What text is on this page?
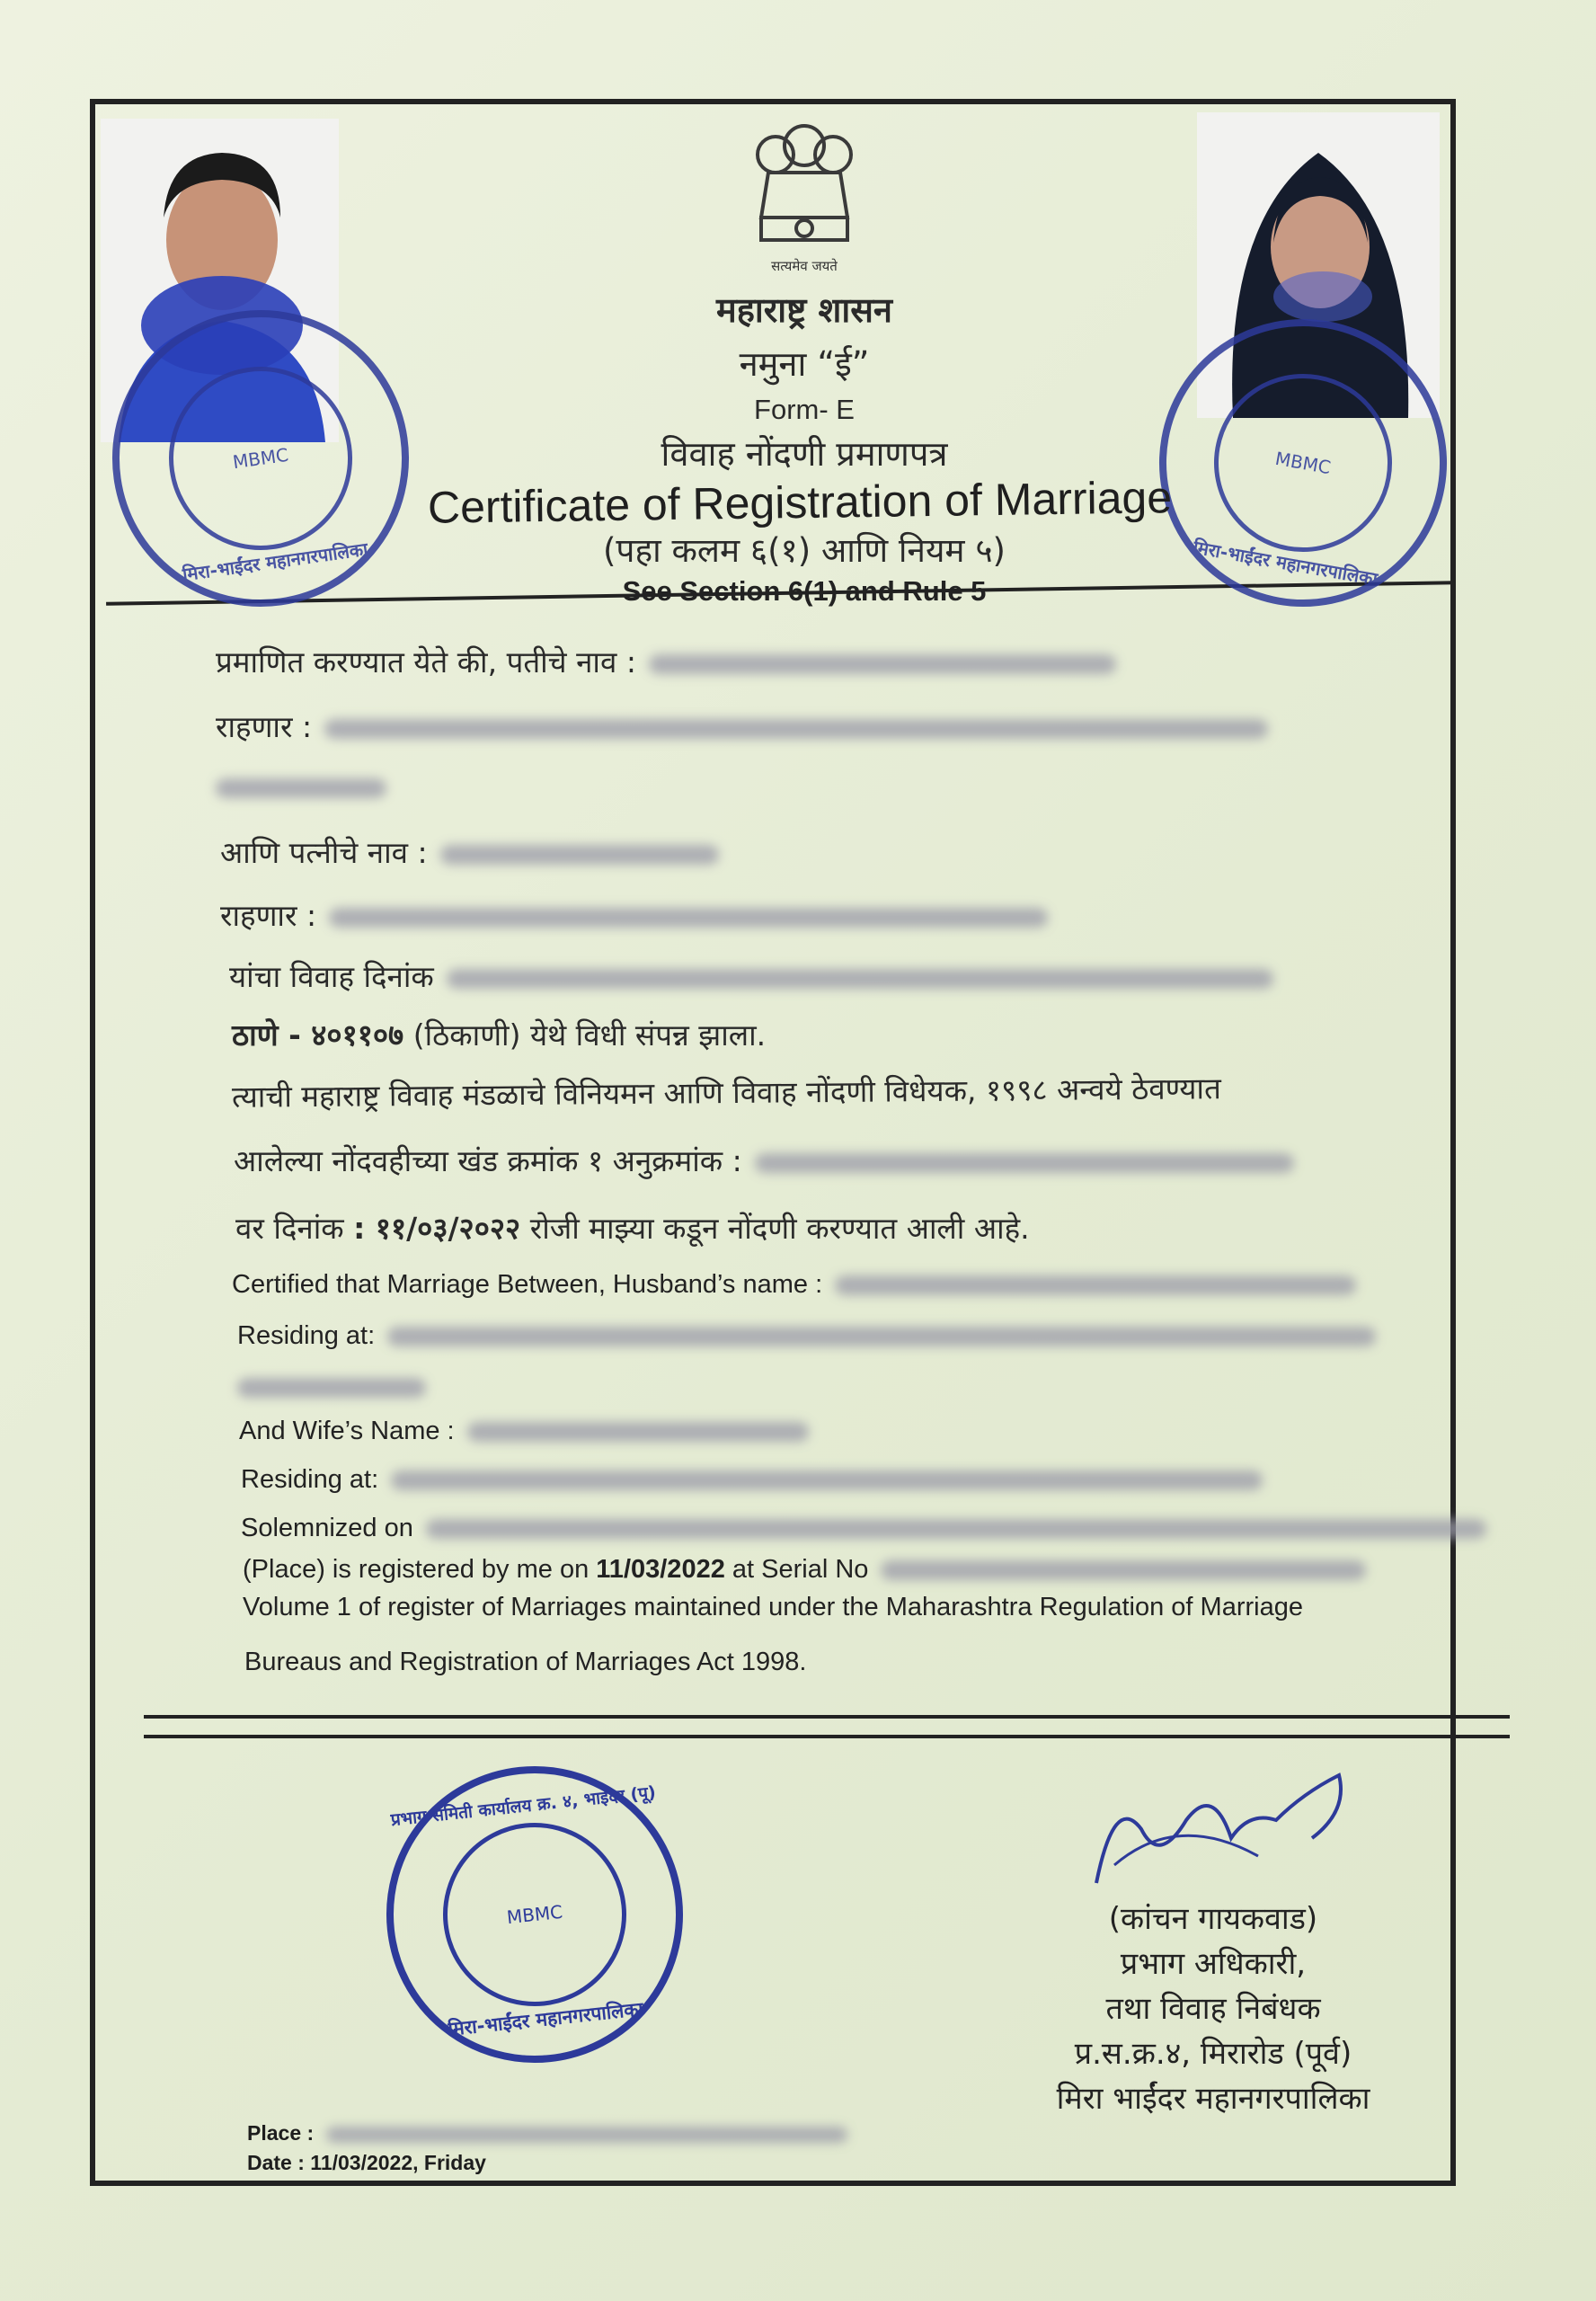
MBMC
मिरा-भाईंदर महानगरपालिका
MBMC
मिरा-भाईंदर महानगरपालिका
सत्यमेव जयते
महाराष्ट्र शासन
नमुना “ई”
Form- E
विवाह नोंदणी प्रमाणपत्र
Certificate of Registration of Marriage
(पहा कलम ६(१) आणि नियम ५)
See Section 6(1) and Rule 5
प्रमाणित करण्यात येते की, पतीचे नाव :
राहणार :
आणि पत्नीचे नाव :
राहणार :
यांचा विवाह दिनांक
ठाणे - ४०११०७ (ठिकाणी) येथे विधी संपन्न झाला.
त्याची महाराष्ट्र विवाह मंडळाचे विनियमन आणि विवाह नोंदणी विधेयक, १९९८ अन्वये ठेवण्यात
आलेल्या नोंदवहीच्या खंड क्रमांक १ अनुक्रमांक :
वर दिनांक : ११/०३/२०२२ रोजी माझ्या कडून नोंदणी करण्यात आली आहे.
Certified that Marriage Between, Husband’s name :
Residing at:
And Wife’s Name :
Residing at:
Solemnized on
(Place) is registered by me on 11/03/2022 at Serial No
Volume 1 of register of Marriages maintained under the Maharashtra Regulation of Marriage
Bureaus and Registration of Marriages Act 1998.
प्रभाग समिती कार्यालय क्र. ४, भाईंदर (पू)
MBMC
मिरा-भाईंदर महानगरपालिका
(कांचन गायकवाड)
प्रभाग अधिकारी,
तथा विवाह निबंधक
प्र.स.क्र.४, मिरारोड (पूर्व)
मिरा भाईंदर महानगरपालिका
Place :
Date : 11/03/2022, Friday
